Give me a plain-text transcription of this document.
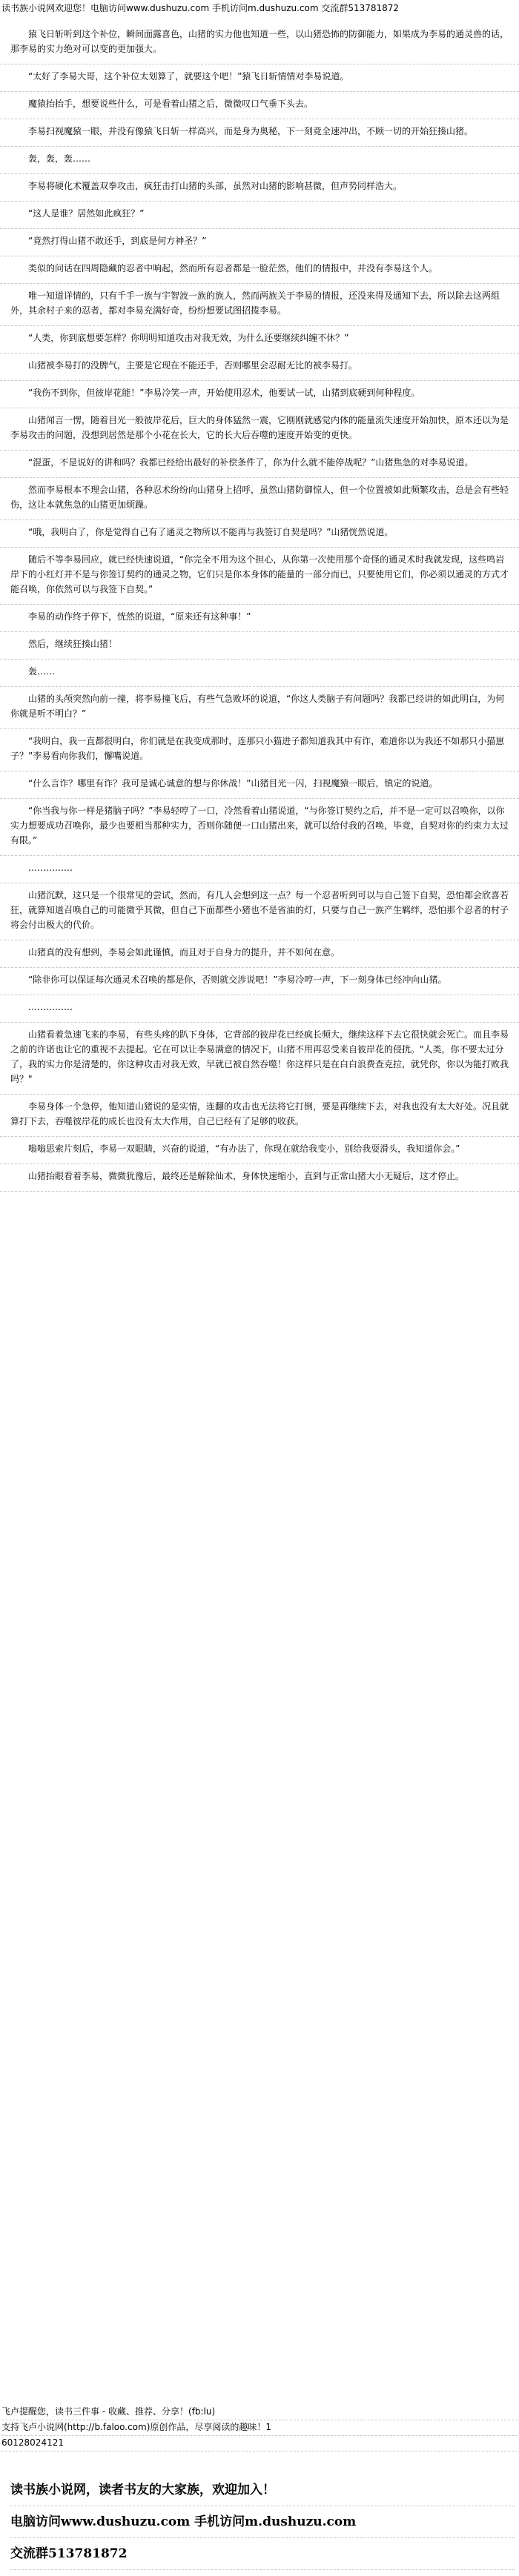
读书族小说网欢迎您！电脑访问www.dushuzu.com 手机访问m.dushuzu.com 交流群513781872

猿飞日斩听到这个补位，瞬间面露喜色，山猪的实力他也知道一些，以山猪恐怖的防御能力，如果成为李易的通灵兽的话，那李易的实力绝对可以变的更加强大。

“太好了李易大哥，这个补位太划算了，就要这个吧！”猿飞日斩情情对李易说道。

魔猿抬抬手，想要说些什么，可是看着山猪之后，微微叹口气垂下头去。

李易扫视魔猿一眼，并没有像猿飞日斩一样高兴，而是身为奥秘，下一刻竟全速冲出，不顾一切的开始狂揍山猪。

轰，轰，轰……

李易将硬化术覆盖双拳攻击，疯狂击打山猪的头部，虽然对山猪的影响甚微，但声势同样浩大。

“这人是谁？居然如此疯狂？”

“竟然打得山猪不敢还手，到底是何方神圣？”

类似的问话在四周隐藏的忍者中响起，然而所有忍者都是一脸茫然，他们的情报中，并没有李易这个人。

唯一知道详情的，只有千手一族与宇智波一族的族人，然而两族关于李易的情报，还没来得及通知下去，所以除去这两组外，其余村子来的忍者，都对李易充满好奇，纷纷想要试图招揽李易。

“人类，你到底想要怎样？你明明知道攻击对我无效，为什么还要继续纠缠不休？”

山猪被李易打的没脾气，主要是它现在不能还手，否则哪里会忍耐无比的被李易打。

“我伤不到你，但彼岸花能！”李易冷笑一声，开始使用忍术，他要试一试，山猪到底硬到何种程度。

山猪闻言一愣，随着目光一般彼岸花后，巨大的身体猛然一震，它刚刚就感觉内体的能量流失速度开始加快，原本还以为是李易攻击的问题，没想到居然是那个小花在长大，它的长大后吞噬的速度开始变的更快。

“混蛋，不是说好的讲和吗？我都已经给出最好的补偿条件了，你为什么就不能停战呢？”山猪焦急的对李易说道。

然而李易根本不理会山猪，各种忍术纷纷向山猪身上招呼，虽然山猪防御惊人，但一个位置被如此频繁攻击，总是会有些轻伤，这让本就焦急的山猪更加烦躁。

“哦，我明白了，你是觉得自己有了通灵之物所以不能再与我签订自契是吗？”山猪恍然说道。

随后不等李易回应，就已经快速说道，“你完全不用为这个担心，从你第一次使用那个奇怪的通灵术时我就发现，这些鸣岩岸下的小红灯并不是与你签订契约的通灵之物，它们只是你本身体的能量的一部分而已，只要使用它们，你必须以通灵的方式才能召唤，你依然可以与我签下自契。”

李易的动作终于停下，恍然的说道，“原来还有这种事！”

然后，继续狂揍山猪！

轰……

山猪的头颅突然向前一撞，将李易撞飞后，有些气急败坏的说道，“你这人类脑子有问题吗？我都已经讲的如此明白，为何你就是听不明白？”

“我明白，我一直都很明白，你们就是在我变成那时，连那只小猫进子都知道我其中有诈，难道你以为我还不如那只小猫崽子？”李易看向你我们，懈嘴说道。

“什么言诈？哪里有诈？我可是诚心诚意的想与你休战！”山猪目光一闪，扫视魔猿一眼后，镇定的说道。

“你当我与你一样是猪脑子吗？”李易轻哼了一口，冷然看着山猪说道，“与你签订契约之后，并不是一定可以召唤你，以你实力想要成功召唤你，最少也要相当那种实力，否则你随便一口山猪出来，就可以给付我的召唤，毕竟，自契对你的约束力太过有限。”

……………

山猪沉默，这只是一个很常见的尝试，然而，有几人会想到这一点？每一个忍者听到可以与自己签下自契，恐怕都会欣喜若狂，就算知道召唤自己的可能微乎其微，但自己下面都些小猪也不是省油的灯，只要与自己一族产生羁绊，恐怕那个忍者的村子将会付出极大的代价。

山猪真的没有想到，李易会如此谨慎，而且对于自身力的提升，并不如何在意。

“除非你可以保证每次通灵术召唤的都是你，否则就交涉说吧！”李易冷哼一声，下一刻身体已经冲向山猪。

……………

山猪看着急速飞来的李易，有些头疼的趴下身体，它背部的彼岸花已经疯长频大，继续这样下去它很快就会死亡。而且李易之前的许诺也让它的重视不去提起。它在可以让李易满意的情况下，山猪不用再忍受来自彼岸花的侵扰。"人类，你不要太过分了，我的实力你是清楚的，你这种攻击对我无效，早就已被自然吞噬！你这样只是在白白浪费查克拉，就凭你，你以为能打败我吗？"

李易身体一个急停，他知道山猪说的是实情，连翻的攻击也无法将它打倒，要是再继续下去，对我也没有太大好处。况且就算打下去，吞噬彼岸花的成长也没有太大作用，自己已经有了足够的收获。

嗡嗡思索片刻后，李易一双眼睛，兴奋的说道，“有办法了，你现在就给我变小，别给我耍滑头，我知道你会。”

山猪抬眼看着李易，微微犹豫后，最终还是解除仙术，身体快速缩小，直到与正常山猪大小无疑后，这才停止。

飞卢提醒您，读书三件事 - 收藏、推荐、分享！(fb:lu)
支持飞卢小说网(http://b.faloo.com)原创作品，尽享阅读的趣味！1
60128024121
读书族小说网，读者书友的大家族，欢迎加入！
电脑访问www.dushuzu.com 手机访问m.dushuzu.com
交流群513781872
